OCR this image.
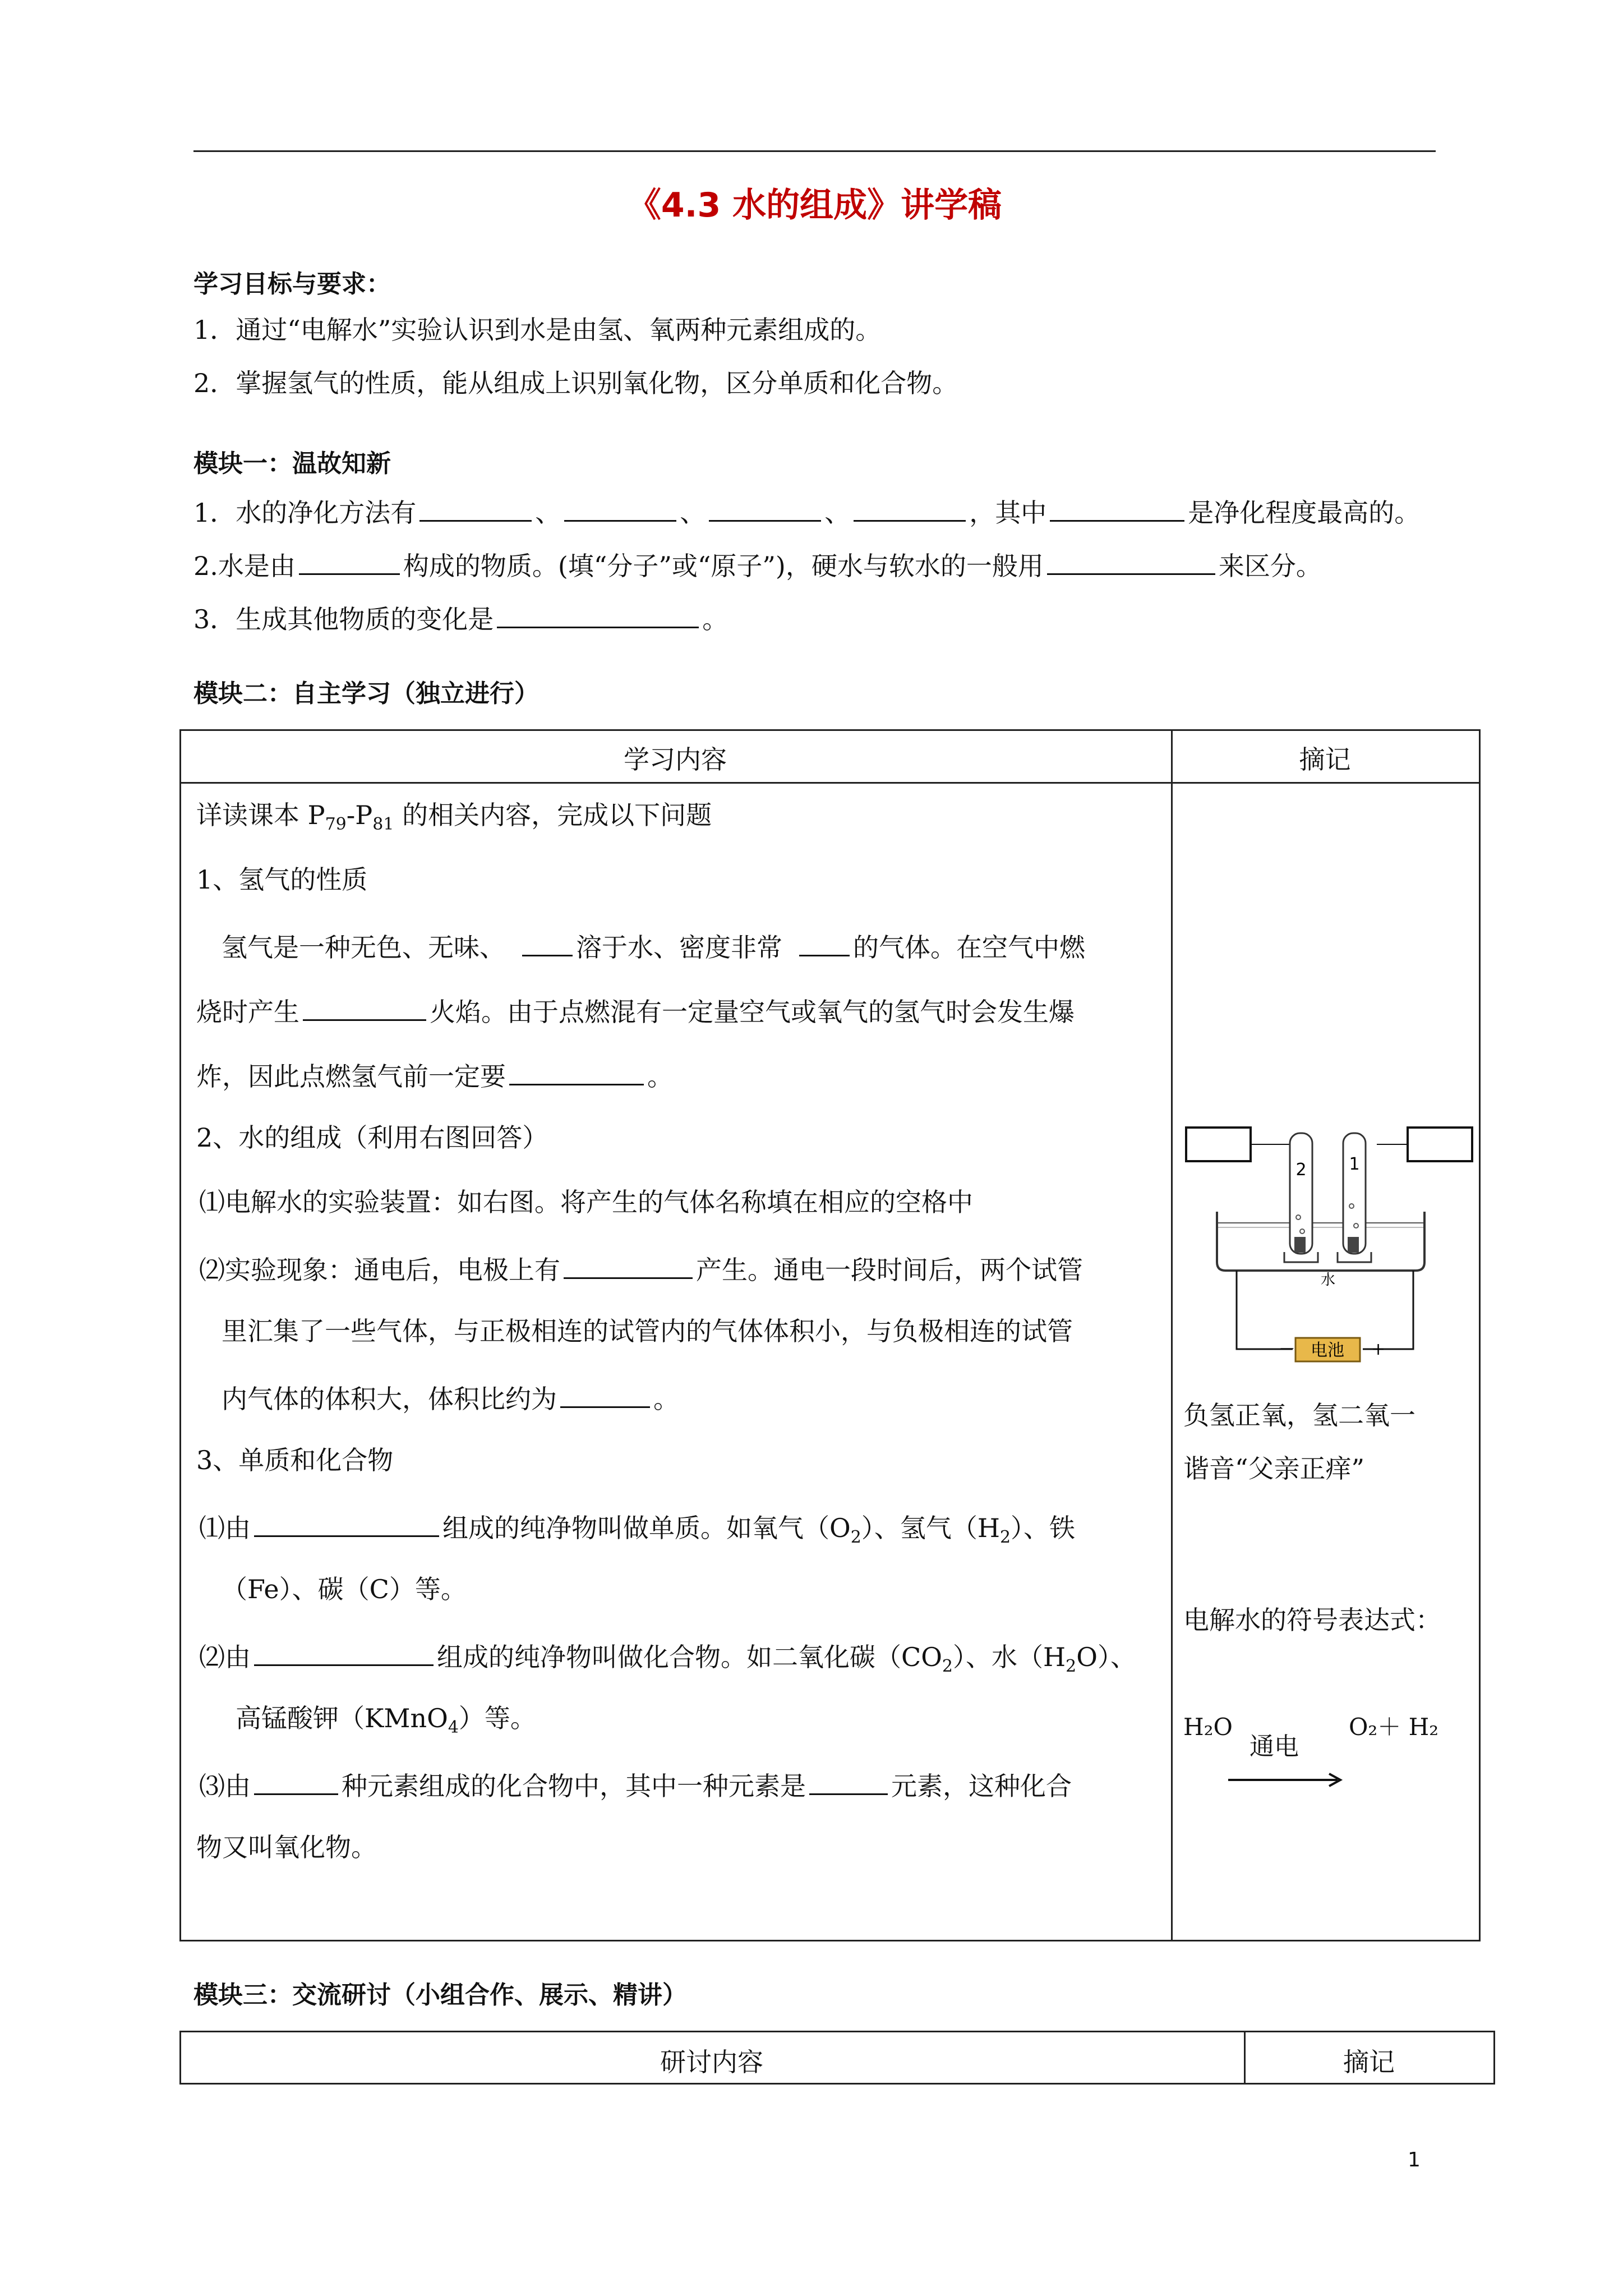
《4.3 水的组成》讲学稿
学习目标与要求：
1．通过“电解水”实验认识到水是由氢、氧两种元素组成的。
2．掌握氢气的性质，能从组成上识别氧化物，区分单质和化合物。
模块一：温故知新
1．水的净化方法有	、	、	、	，其中	是净化程度最高的。
2.水是由	构成的物质。(填“分子”或“原子”)，硬水与软水的一般用	来区分。
3．生成其他物质的变化是	。
模块二：自主学习（独立进行）
学习内容	摘记
详读课本 $P_{79}-P_{81}$ 的相关内容，完成以下问题
1、氢气的性质
氢气是一种无色、无味、	溶于水、密度非常	的气体。在空气中燃
烧时产生	火焰。由于点燃混有一定量空气或氧气的氢气时会发生爆
炸，因此点燃氢气前一定要	。
2、水的组成（利用右图回答）
⑴电解水的实验装置：如右图。将产生的气体名称填在相应的空格中
⑵实验现象：通电后，电极上有	产生。通电一段时间后，两个试管
里汇集了一些气体，与正极相连的试管内的气体体积小，与负极相连的试管
内气体的体积大，体积比约为	。
3、单质和化合物
⑴由	组成的纯净物叫做单质。如氧气$(O_2)$、氢气$(H_2)$、铁
（Fe）、碳（C）等。
⑵由	组成的纯净物叫做化合物。如二氧化碳$(CO_2)$、水$(H_2O)$、
高锰酸钾（KMnO$_4$）等。
⑶由	种元素组成的化合物中，其中一种元素是	元素，这种化合
物又叫氧化物。
电池
－	+
2	1
水
负氢正氧，氢二氧一
谐音“父亲正痒”
电解水的符号表达式：
H₂O
通电
O₂＋ H₂
模块三：交流研讨（小组合作、展示、精讲）
研讨内容	摘记
1
